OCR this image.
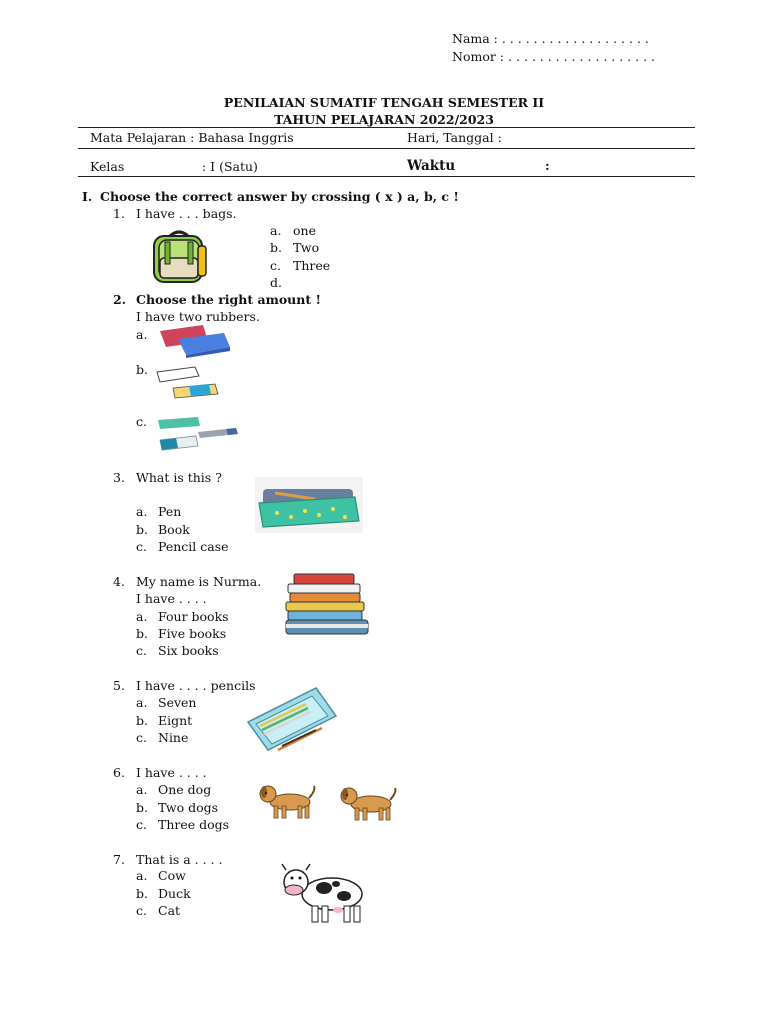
Nama : . . . . . . . . . . . . . . . . . . .
Nomor : . . . . . . . . . . . . . . . . . . .
PENILAIAN SUMATIF TENGAH SEMESTER II
TAHUN PELAJARAN 2022/2023
Mata Pelajaran : Bahasa Inggris	Hari, Tanggal :
Kelas	: I (Satu)	Waktu	:
I. Choose the correct answer by crossing ( x ) a, b, c !
1. I have . . . bags.
a. one
b. Two
c. Three
d.
2. Choose the right amount !
I have two rubbers.
a.
b.
c.
3. What is this ?
a. Pen
b. Book
c. Pencil case
4. My name is Nurma.
I have . . . .
a. Four books
b. Five books
c. Six books
5. I have . . . . pencils
a. Seven
b. Eignt
c. Nine
6. I have . . . .
a. One dog
b. Two dogs
c. Three dogs
7. That is a . . . .
a. Cow
b. Duck
c. Cat
